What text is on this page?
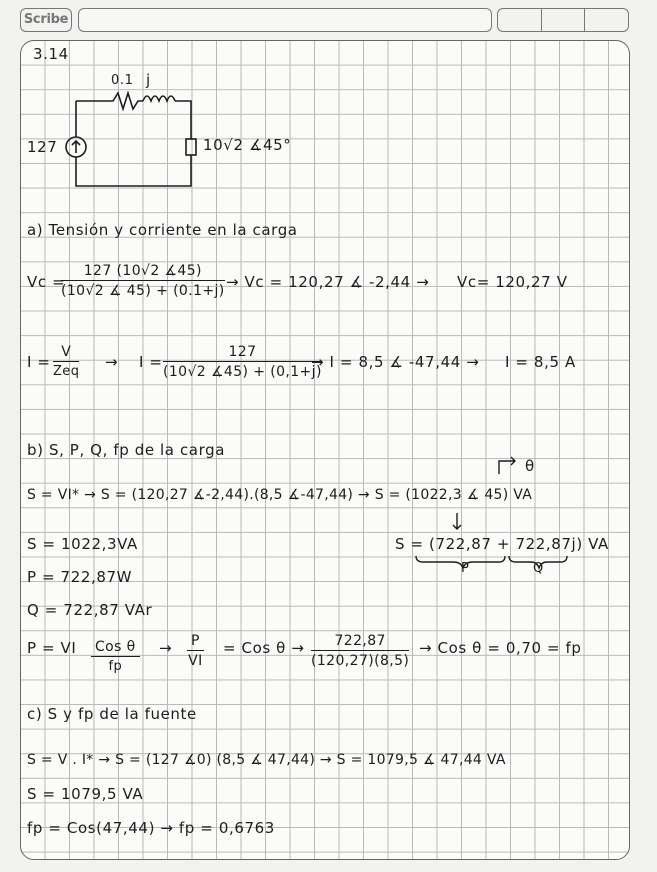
Scribe
3.14
0.1 j
127	10√2 ∡45°
a) Tensión y corriente en la carga
Vc =
$\frac{127 (10√2 ∡45)}{(10√2 ∡ 45) + (0.1+j)} \to Vc = 120,27$ ∡ -2,44 → Vc= 120,27 V
I =
V
Zeq
→ $I = \frac{127}{(10√2 ∡45) + (0,1+j)}$
→ I = 8,5 ∡ -47,44 → I = 8,5 A
b) S, P, Q, fp de la carga
θ
S = VI* → S = (120,27 ∡-2,44).(8,5 ∡-47,44) → S = (1022,3 ∡ 45) VA
S = 1022,3VA	S = (722,87 + 722,87j) VA
P	Q
P = 722,87W
Q = 722,87 VAr
P = VI Cos θ
fp
→ $\frac{P}{VI}$ = Cos $\theta \to \frac{722,87}{(120,27)(8,5)}$ → Cos θ = 0,70 = fp
c) S y fp de la fuente
S = V . I* → S = (127 ∡0) (8,5 ∡ 47,44) → S = 1079,5 ∡ 47,44 VA
S = 1079,5 VA
fp = Cos(47,44) → fp = 0,6763
